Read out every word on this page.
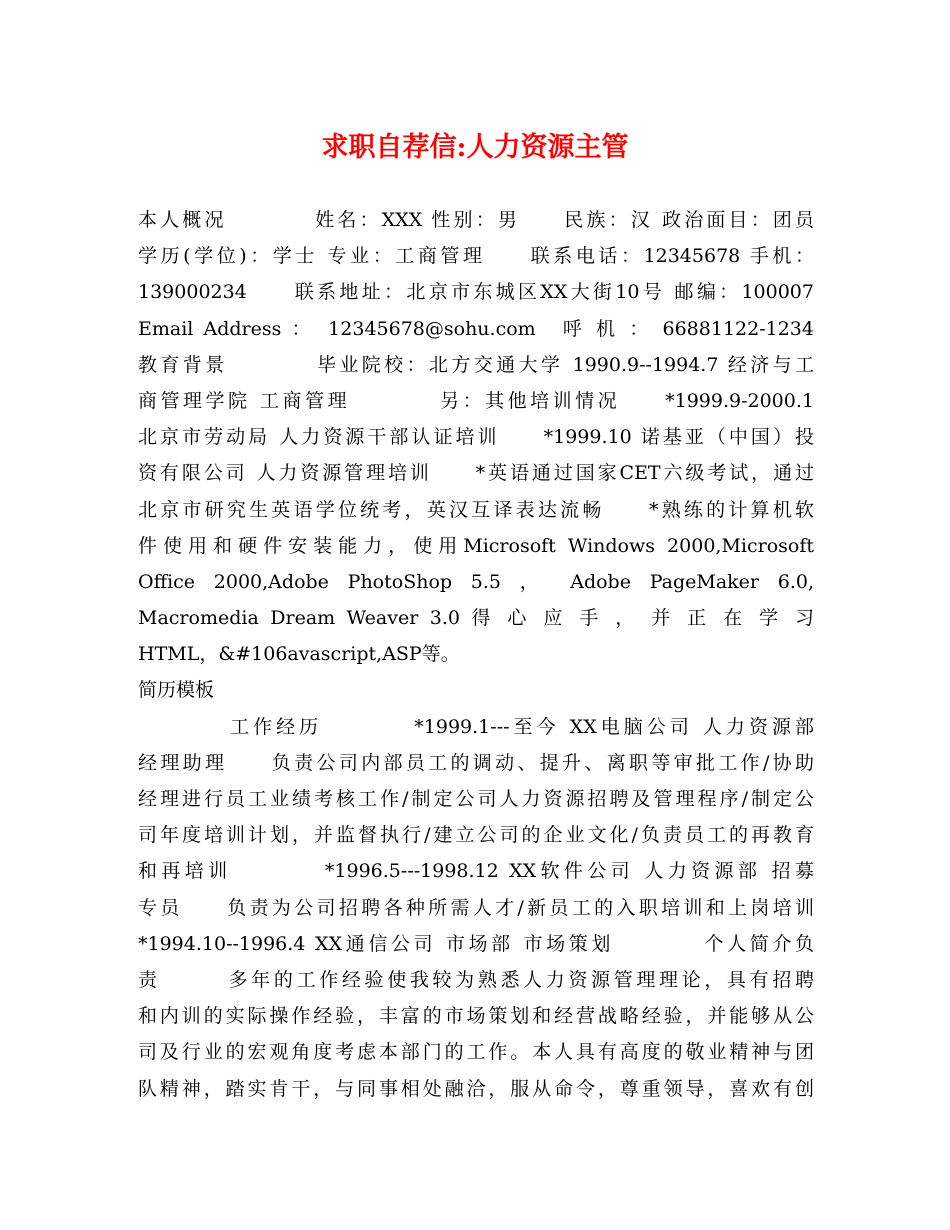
求职自荐信:人力资源主管
本人概况　　　　姓名：XXX 性别：男　　民族：汉 政治面目：团员
学历(学位)：学士 专业：工商管理　　联系电话：12345678 手机：
139000234　　联系地址：北京市东城区XX大街10号 邮编：100007
Email Address ：　12345678@sohu.com　呼 机 ： 66881122-1234
教育背景　　　　毕业院校：北方交通大学 1990.9--1994.7 经济与工
商管理学院 工商管理　　　　另：其他培训情况　　*1999.9-2000.1
北京市劳动局 人力资源干部认证培训　　*1999.10 诺基亚（中国）投
资有限公司 人力资源管理培训　　*英语通过国家CET六级考试，通过
北京市研究生英语学位统考，英汉互译表达流畅　　*熟练的计算机软
件使用和硬件安装能力，使用Microsoft Windows 2000,Microsoft
Office 2000,Adobe PhotoShop 5.5 ， Adobe PageMaker 6.0,
Macromedia Dream Weaver 3.0 得 心 应 手 ， 并 正 在 学 习
HTML，&#106avascript,ASP等。
简历模板
　　　　工作经历　　　　*1999.1---至今 XX电脑公司 人力资源部
经理助理　　负责公司内部员工的调动、提升、离职等审批工作/协助
经理进行员工业绩考核工作/制定公司人力资源招聘及管理程序/制定公
司年度培训计划，并监督执行/建立公司的企业文化/负责员工的再教育
和再培训　　　　*1996.5---1998.12 XX软件公司 人力资源部 招募
专员　　负责为公司招聘各种所需人才/新员工的入职培训和上岗培训
*1994.10--1996.4 XX通信公司 市场部 市场策划　　　　个人简介负
责　　　多年的工作经验使我较为熟悉人力资源管理理论，具有招聘
和内训的实际操作经验，丰富的市场策划和经营战略经验，并能够从公
司及行业的宏观角度考虑本部门的工作。本人具有高度的敬业精神与团
队精神，踏实肯干，与同事相处融洽，服从命令，尊重领导，喜欢有创
